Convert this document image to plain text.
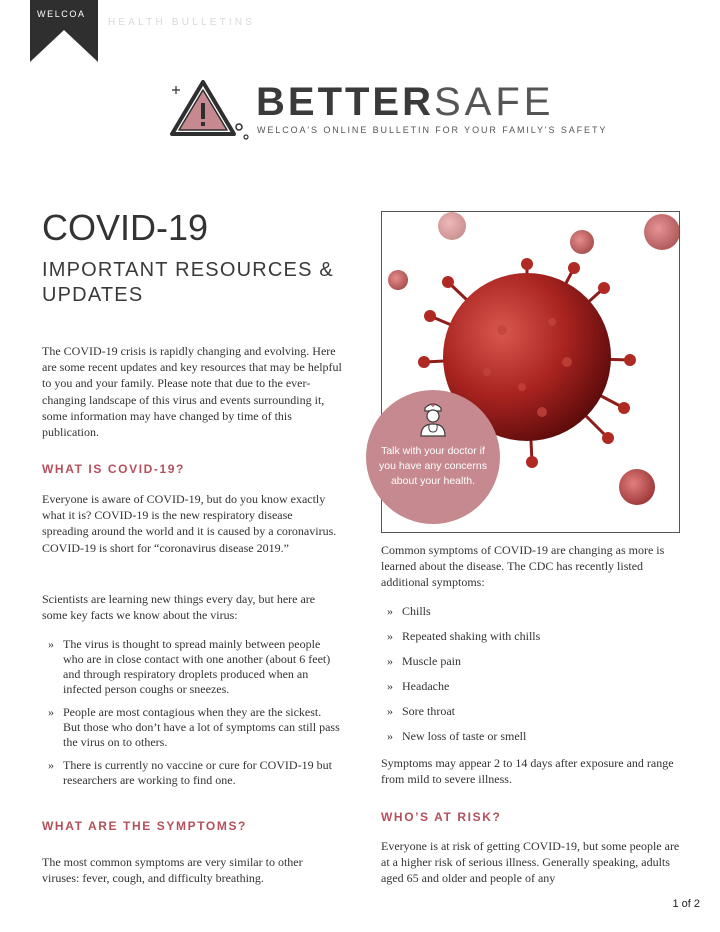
WELCOA
HEALTH BULLETINS
BETTERSAFE
WELCOA'S ONLINE BULLETIN FOR YOUR FAMILY'S SAFETY
COVID-19
IMPORTANT RESOURCES & UPDATES

The COVID-19 crisis is rapidly changing and evolving. Here are some recent updates and key resources that may be helpful to you and your family. Please note that due to the ever-changing landscape of this virus and events surrounding it, some information may have changed by time of this publication.

WHAT IS COVID-19?

Everyone is aware of COVID-19, but do you know exactly what it is? COVID-19 is the new respiratory disease spreading around the world and it is caused by a coronavirus. COVID-19 is short for “coronavirus disease 2019.”

Scientists are learning new things every day, but here are some key facts we know about the virus:

» The virus is thought to spread mainly between people who are in close contact with one another (about 6 feet) and through respiratory droplets produced when an infected person coughs or sneezes.
» People are most contagious when they are the sickest. But those who don’t have a lot of symptoms can still pass the virus on to others.
» There is currently no vaccine or cure for COVID-19 but researchers are working to find one.
WHAT ARE THE SYMPTOMS?

The most common symptoms are very similar to other viruses: fever, cough, and difficulty breathing.

Talk with your doctor if you have any concerns about your health.

Common symptoms of COVID-19 are changing as more is learned about the disease. The CDC has recently listed additional symptoms:

» Chills
» Repeated shaking with chills
» Muscle pain
» Headache
» Sore throat
» New loss of taste or smell

Symptoms may appear 2 to 14 days after exposure and range from mild to severe illness.

WHO’S AT RISK?

Everyone is at risk of getting COVID-19, but some people are at a higher risk of serious illness. Generally speaking, adults aged 65 and older and people of any

1 of 2
